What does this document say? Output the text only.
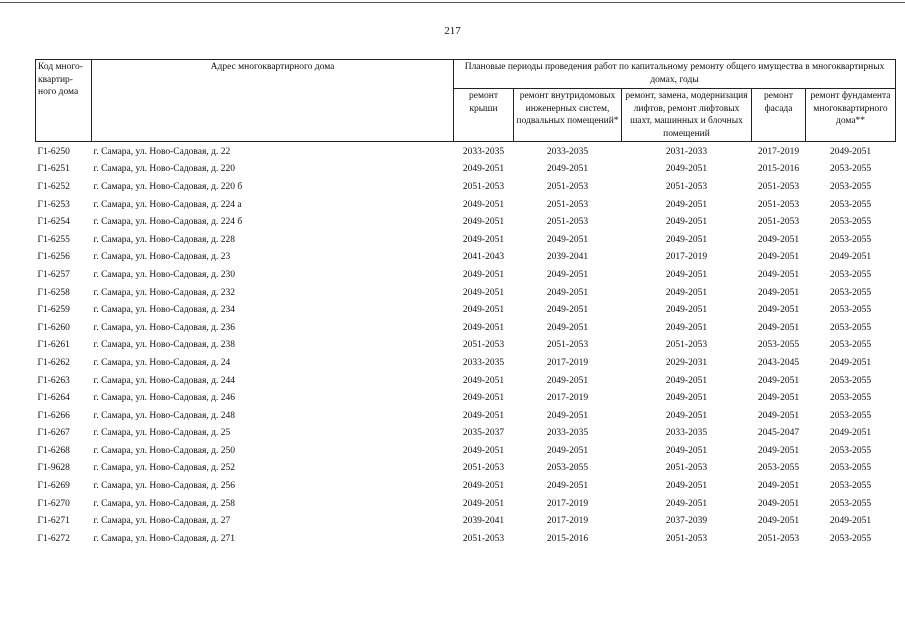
217
Код много-квартир-ного дома	Адрес многоквартирного дома	Плановые периоды проведения работ по капитальному ремонту общего имущества в многоквартирных домах, годы				
		ремонт крыши	ремонт внутридомовых инженерных систем, подвальных помещений*	ремонт, замена, модернизация лифтов, ремонт лифтовых шахт, машинных и блочных помещений	ремонт фасада	ремонт фундамента многоквартирного дома**
Г1-6250	г. Самара, ул. Ново-Садовая, д. 22	2033-2035	2033-2035	2031-2033	2017-2019	2049-2051
Г1-6251	г. Самара, ул. Ново-Садовая, д. 220	2049-2051	2049-2051	2049-2051	2015-2016	2053-2055
Г1-6252	г. Самара, ул. Ново-Садовая, д. 220 б	2051-2053	2051-2053	2051-2053	2051-2053	2053-2055
Г1-6253	г. Самара, ул. Ново-Садовая, д. 224 а	2049-2051	2051-2053	2049-2051	2051-2053	2053-2055
Г1-6254	г. Самара, ул. Ново-Садовая, д. 224 б	2049-2051	2051-2053	2049-2051	2051-2053	2053-2055
Г1-6255	г. Самара, ул. Ново-Садовая, д. 228	2049-2051	2049-2051	2049-2051	2049-2051	2053-2055
Г1-6256	г. Самара, ул. Ново-Садовая, д. 23	2041-2043	2039-2041	2017-2019	2049-2051	2049-2051
Г1-6257	г. Самара, ул. Ново-Садовая, д. 230	2049-2051	2049-2051	2049-2051	2049-2051	2053-2055
Г1-6258	г. Самара, ул. Ново-Садовая, д. 232	2049-2051	2049-2051	2049-2051	2049-2051	2053-2055
Г1-6259	г. Самара, ул. Ново-Садовая, д. 234	2049-2051	2049-2051	2049-2051	2049-2051	2053-2055
Г1-6260	г. Самара, ул. Ново-Садовая, д. 236	2049-2051	2049-2051	2049-2051	2049-2051	2053-2055
Г1-6261	г. Самара, ул. Ново-Садовая, д. 238	2051-2053	2051-2053	2051-2053	2053-2055	2053-2055
Г1-6262	г. Самара, ул. Ново-Садовая, д. 24	2033-2035	2017-2019	2029-2031	2043-2045	2049-2051
Г1-6263	г. Самара, ул. Ново-Садовая, д. 244	2049-2051	2049-2051	2049-2051	2049-2051	2053-2055
Г1-6264	г. Самара, ул. Ново-Садовая, д. 246	2049-2051	2017-2019	2049-2051	2049-2051	2053-2055
Г1-6266	г. Самара, ул. Ново-Садовая, д. 248	2049-2051	2049-2051	2049-2051	2049-2051	2053-2055
Г1-6267	г. Самара, ул. Ново-Садовая, д. 25	2035-2037	2033-2035	2033-2035	2045-2047	2049-2051
Г1-6268	г. Самара, ул. Ново-Садовая, д. 250	2049-2051	2049-2051	2049-2051	2049-2051	2053-2055
Г1-9628	г. Самара, ул. Ново-Садовая, д. 252	2051-2053	2053-2055	2051-2053	2053-2055	2053-2055
Г1-6269	г. Самара, ул. Ново-Садовая, д. 256	2049-2051	2049-2051	2049-2051	2049-2051	2053-2055
Г1-6270	г. Самара, ул. Ново-Садовая, д. 258	2049-2051	2017-2019	2049-2051	2049-2051	2053-2055
Г1-6271	г. Самара, ул. Ново-Садовая, д. 27	2039-2041	2017-2019	2037-2039	2049-2051	2049-2051
Г1-6272	г. Самара, ул. Ново-Садовая, д. 271	2051-2053	2015-2016	2051-2053	2051-2053	2053-2055
